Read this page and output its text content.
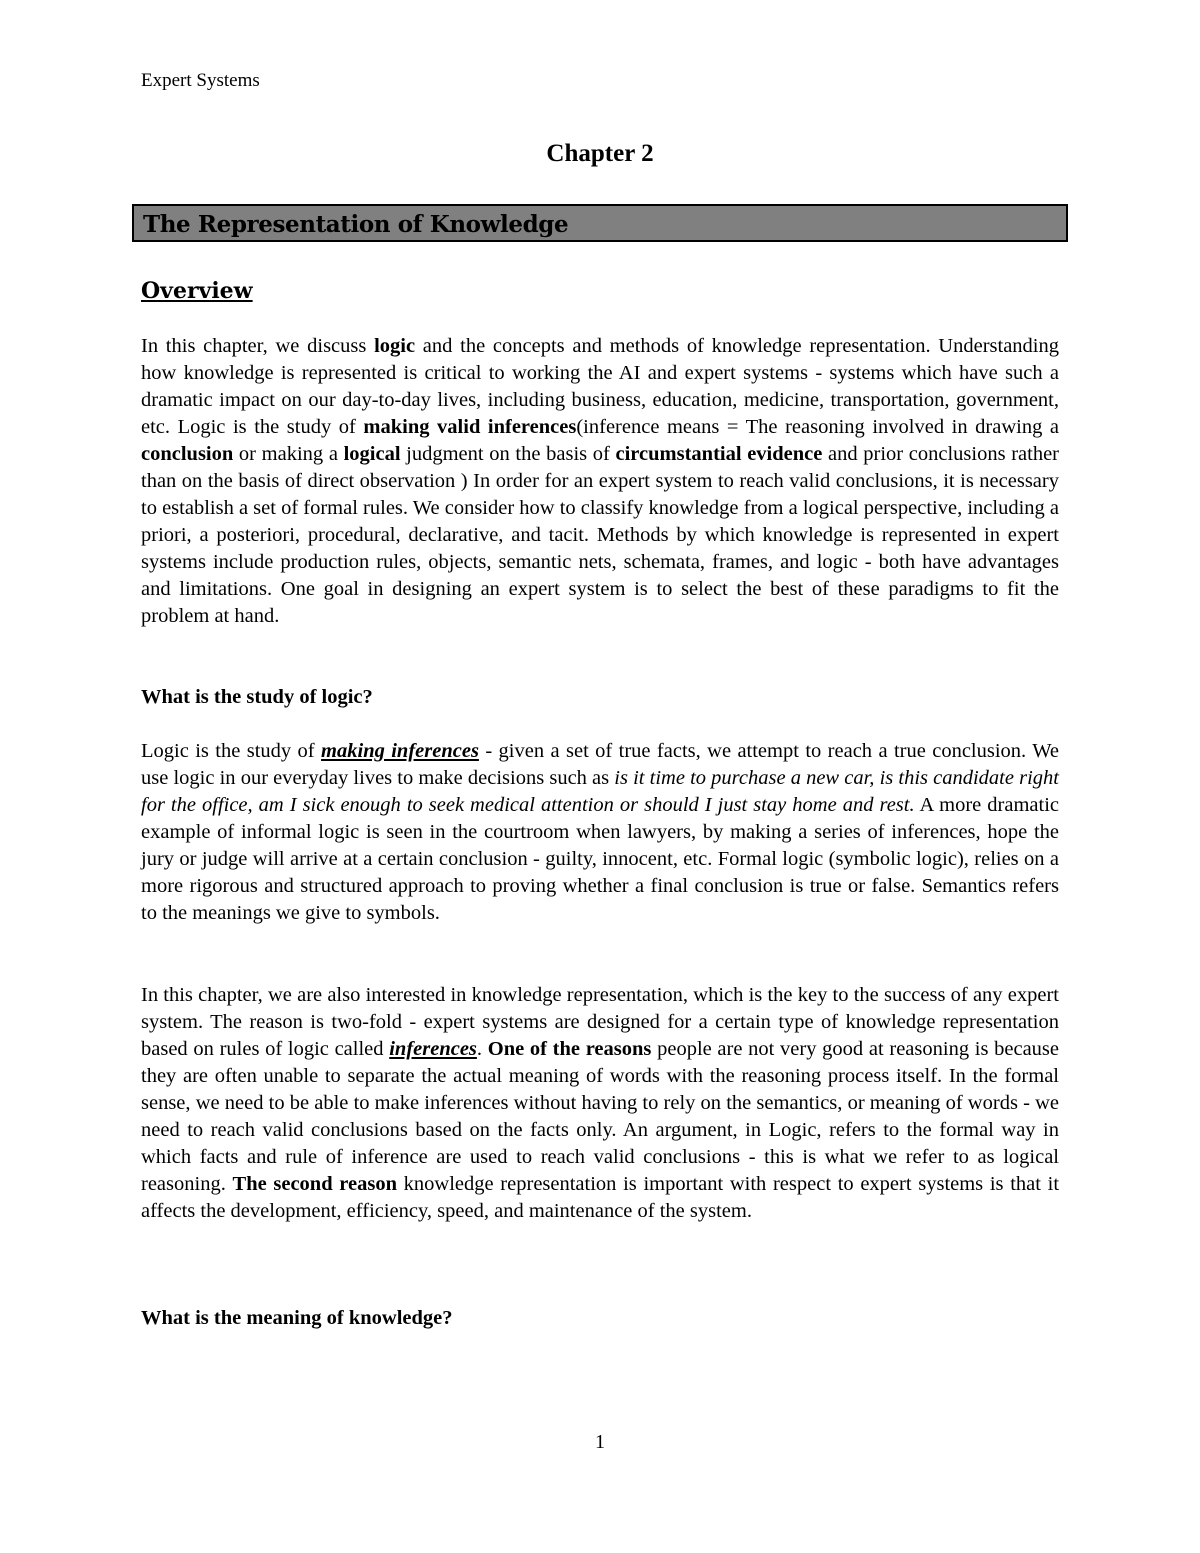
Expert Systems
Chapter 2
The Representation of Knowledge
Overview

In this chapter, we discuss logic and the concepts and methods of knowledge representation. Understanding how knowledge is represented is critical to working the AI and expert systems - systems which have such a dramatic impact on our day-to-day lives, including business, education, medicine, transportation, government, etc. Logic is the study of making valid inferences(inference means = The reasoning involved in drawing a conclusion or making a logical judgment on the basis of circumstantial evidence and prior conclusions rather than on the basis of direct observation ) In order for an expert system to reach valid conclusions, it is necessary to establish a set of formal rules. We consider how to classify knowledge from a logical perspective, including a priori, a posteriori, procedural, declarative, and tacit. Methods by which knowledge is represented in expert systems include production rules, objects, semantic nets, schemata, frames, and logic - both have advantages and limitations. One goal in designing an expert system is to select the best of these paradigms to fit the problem at hand.

What is the study of logic?

Logic is the study of making inferences - given a set of true facts, we attempt to reach a true conclusion. We use logic in our everyday lives to make decisions such as is it time to purchase a new car, is this candidate right for the office, am I sick enough to seek medical attention or should I just stay home and rest. A more dramatic example of informal logic is seen in the courtroom when lawyers, by making a series of inferences, hope the jury or judge will arrive at a certain conclusion - guilty, innocent, etc. Formal logic (symbolic logic), relies on a more rigorous and structured approach to proving whether a final conclusion is true or false. Semantics refers to the meanings we give to symbols.

In this chapter, we are also interested in knowledge representation, which is the key to the success of any expert system. The reason is two-fold - expert systems are designed for a certain type of knowledge representation based on rules of logic called inferences. One of the reasons people are not very good at reasoning is because they are often unable to separate the actual meaning of words with the reasoning process itself. In the formal sense, we need to be able to make inferences without having to rely on the semantics, or meaning of words - we need to reach valid conclusions based on the facts only. An argument, in Logic, refers to the formal way in which facts and rule of inference are used to reach valid conclusions - this is what we refer to as logical reasoning. The second reason knowledge representation is important with respect to expert systems is that it affects the development, efficiency, speed, and maintenance of the system.

What is the meaning of knowledge?
1
